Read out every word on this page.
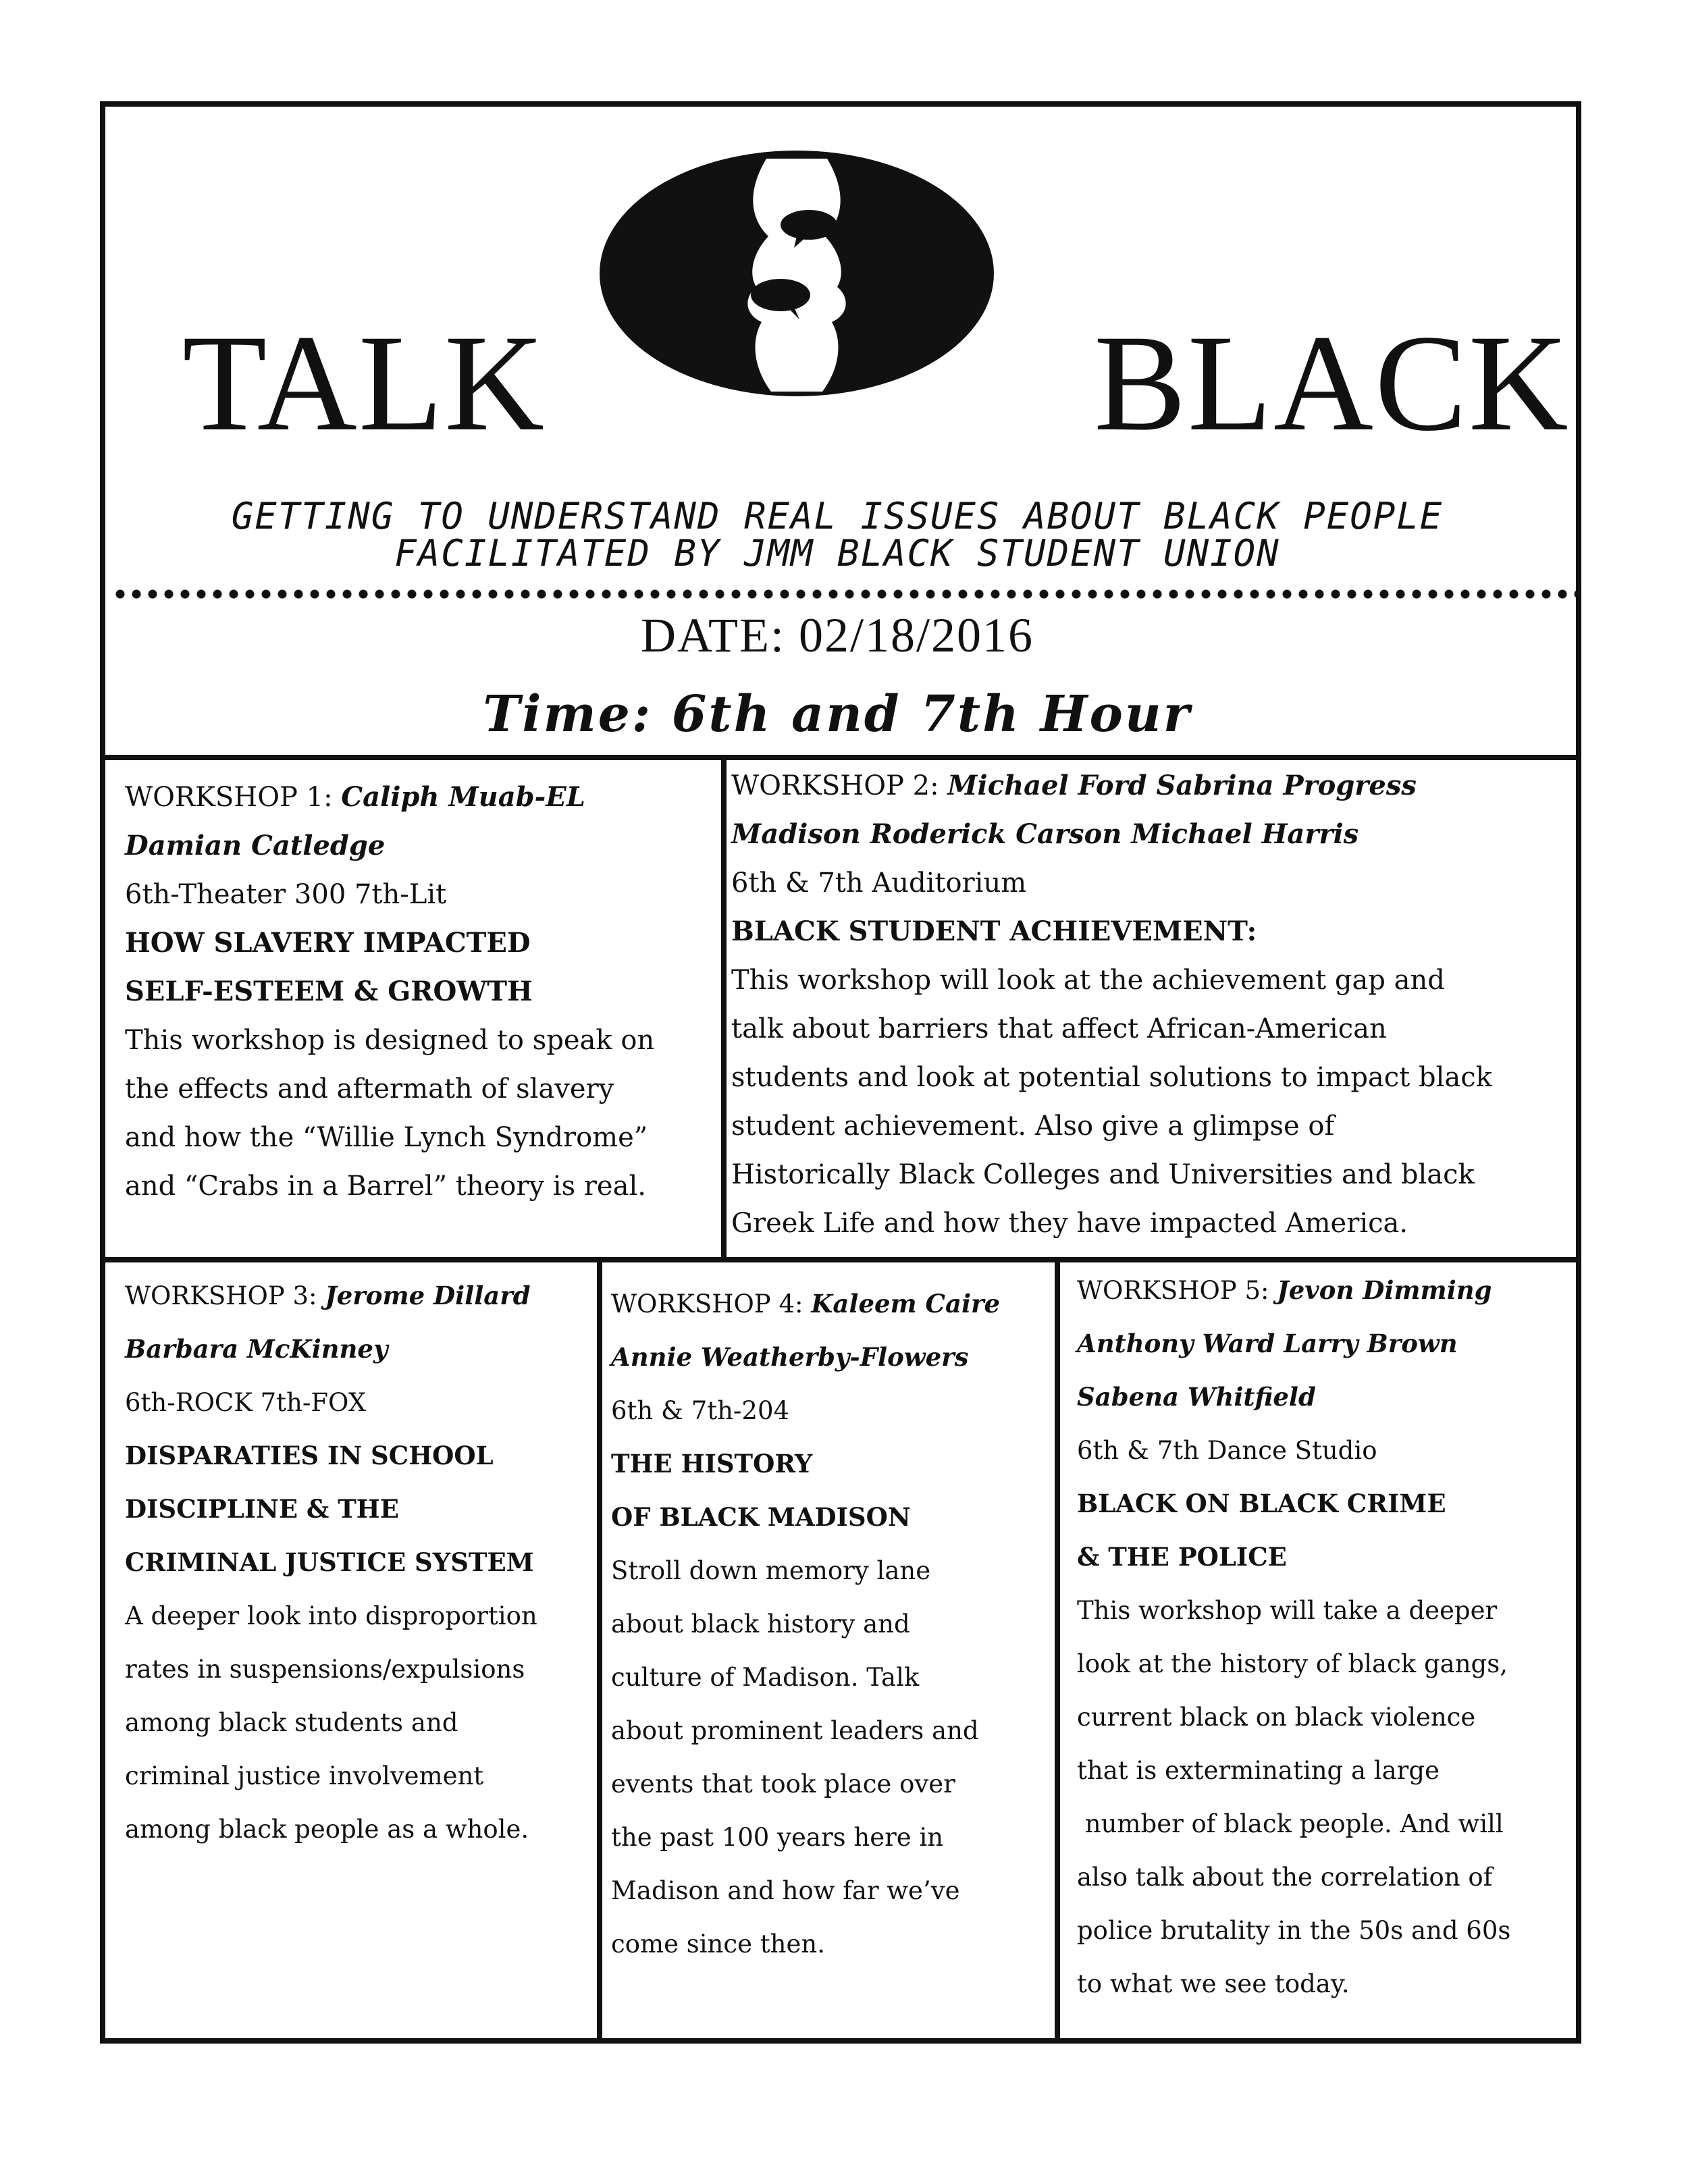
TALK	BLACK
GETTING TO UNDERSTAND REAL ISSUES ABOUT BLACK PEOPLE
FACILITATED BY JMM BLACK STUDENT UNION
DATE: 02/18/2016
Time: 6th and 7th Hour
WORKSHOP 1: Caliph Muab-EL
Damian Catledge
6th-Theater 300 7th-Lit
HOW SLAVERY IMPACTED
SELF-ESTEEM & GROWTH
This workshop is designed to speak on
the effects and aftermath of slavery
and how the “Willie Lynch Syndrome”
and “Crabs in a Barrel” theory is real.
WORKSHOP 2: Michael Ford Sabrina Progress
Madison Roderick Carson Michael Harris
6th & 7th Auditorium
BLACK STUDENT ACHIEVEMENT:
This workshop will look at the achievement gap and
talk about barriers that affect African-American
students and look at potential solutions to impact black
student achievement. Also give a glimpse of
Historically Black Colleges and Universities and black
Greek Life and how they have impacted America.
WORKSHOP 3: Jerome Dillard
Barbara McKinney
6th-ROCK 7th-FOX
DISPARATIES IN SCHOOL
DISCIPLINE & THE
CRIMINAL JUSTICE SYSTEM
A deeper look into disproportion
rates in suspensions/expulsions
among black students and
criminal justice involvement
among black people as a whole.
WORKSHOP 4: Kaleem Caire
Annie Weatherby-Flowers
6th & 7th-204
THE HISTORY
OF BLACK MADISON
Stroll down memory lane
about black history and
culture of Madison. Talk
about prominent leaders and
events that took place over
the past 100 years here in
Madison and how far we’ve
come since then.
WORKSHOP 5: Jevon Dimming
Anthony Ward Larry Brown
Sabena Whitfield
6th & 7th Dance Studio
BLACK ON BLACK CRIME
& THE POLICE
This workshop will take a deeper
look at the history of black gangs,
current black on black violence
that is exterminating a large
number of black people. And will
also talk about the correlation of
police brutality in the 50s and 60s
to what we see today.
